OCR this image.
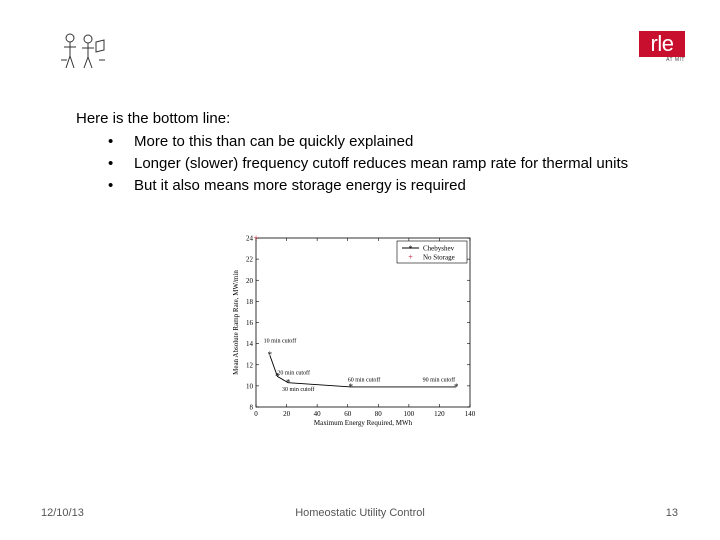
rle
AT MIT
Here is the bottom line:
• More to this than can be quickly explained
• Longer (slower) frequency cutoff reduces mean ramp rate for thermal units
• But it also means more storage energy is required
0	20	40	60	80	100	120	140
8
10
12
14
16
18
20
22
24
Maximum Energy Required, MWh
Mean Absolute Ramp Rate, MW/min	*
*
*	*	*
+
10 min cutoff
20 min cutoff
30 min cutoff
60 min cutoff	90 min cutoff
* Chebyshev
+ No Storage
12/10/13	Homeostatic Utility Control	13
